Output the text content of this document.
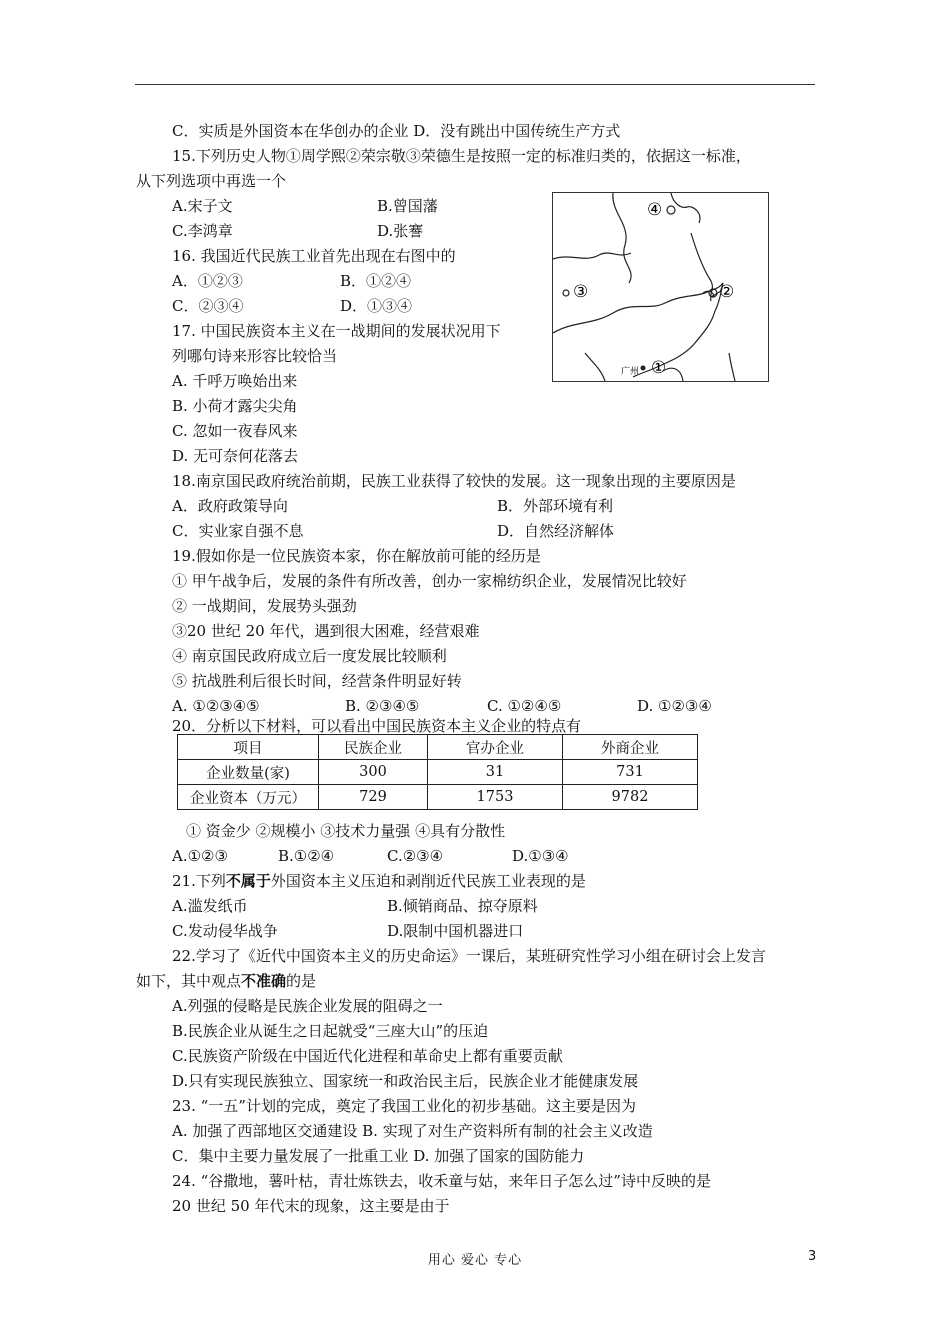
C．实质是外国资本在华创办的企业 D．没有跳出中国传统生产方式
15.下列历史人物①周学熙②荣宗敬③荣德生是按照一定的标准归类的，依据这一标准，
从下列选项中再选一个
A.宋子文	B.曾国藩
C.李鸿章	D.张謇
16. 我国近代民族工业首先出现在右图中的
A．①②③	B．①②④
C．②③④	D．①③④
17. 中国民族资本主义在一战期间的发展状况用下
列哪句诗来形容比较恰当
A. 千呼万唤始出来
B. 小荷才露尖尖角
C. 忽如一夜春风来
D. 无可奈何花落去
18.南京国民政府统治前期，民族工业获得了较快的发展。这一现象出现的主要原因是
A．政府政策导向	B．外部环境有利
C．实业家自强不息	D．自然经济解体
19.假如你是一位民族资本家，你在解放前可能的经历是
① 甲午战争后，发展的条件有所改善，创办一家棉纺织企业，发展情况比较好
② 一战期间，发展势头强劲
③20 世纪 20 年代，遇到很大困难，经营艰难
④ 南京国民政府成立后一度发展比较顺利
⑤ 抗战胜利后很长时间，经营条件明显好转
A. ①②③④⑤	B. ②③④⑤	C. ①②④⑤	D. ①②③④
20．分析以下材料，可以看出中国民族资本主义企业的特点有
① 资金少 ②规模小 ③技术力量强 ④具有分散性
A.①②③	B.①②④	C.②③④	D.①③④
A.滥发纸币	B.倾销商品、掠夺原料
C.发动侵华战争	D.限制中国机器进口
22.学习了《近代中国资本主义的历史命运》一课后，某班研究性学习小组在研讨会上发言
A.列强的侵略是民族企业发展的阻碍之一
B.民族企业从诞生之日起就受“三座大山”的压迫
C.民族资产阶级在中国近代化进程和革命史上都有重要贡献
D.只有实现民族独立、国家统一和政治民主后，民族企业才能健康发展
23. “一五”计划的完成，奠定了我国工业化的初步基础。这主要是因为
A. 加强了西部地区交通建设 B. 实现了对生产资料所有制的社会主义改造
C．集中主要力量发展了一批重工业 D. 加强了国家的国防能力
24. “谷撒地，薯叶枯，青壮炼铁去，收禾童与姑，来年日子怎么过”诗中反映的是
20 世纪 50 年代末的现象，这主要是由于
21.下列不属于外国资本主义压迫和剥削近代民族工业表现的是
如下，其中观点不准确的是
项目	民族企业	官办企业	外商企业
企业数量(家)	300	31	731
企业资本（万元）	729	1753	9782
④
③	②
①
广州
用心 爱心 专心	3
